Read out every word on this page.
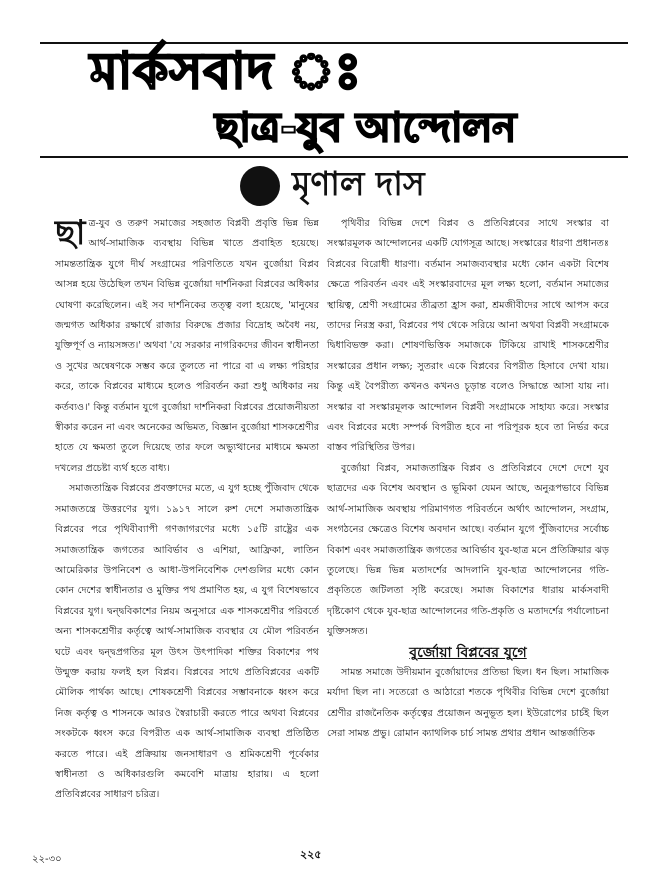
মার্কসবাদ ঃ
ছাত্র-যুব আন্দোলন
মৃণাল দাস

ছাত্র-যুব ও তরুণ সমাজের সহজাত বিপ্লবী প্রবৃত্তি ভিন্ন ভিন্ন আর্থ-সামাজিক ব্যবস্থায় বিভিন্ন খাতে প্রবাহিত হয়েছে। সামন্ততান্ত্রিক যুগে দীর্ঘ সংগ্রামের পরিণতিতে যখন বুর্জোয়া বিপ্লব আসন্ন হয়ে উঠেছিল তখন বিভিন্ন বুর্জোয়া দার্শনিকরা বিপ্লবের অধিকার ঘোষণা করেছিলেন। এই সব দার্শনিকের তত্ত্ব বলা হয়েছে, 'মানুষের জন্মগত অধিকার রক্ষার্থে রাজার বিরুদ্ধে প্রজার বিদ্রোহ অবৈধ নয়, যুক্তিপূর্ণ ও ন্যায়সঙ্গত।' অথবা 'যে সরকার নাগরিকদের জীবন স্বাধীনতা ও সুখের অন্বেষণকে সম্ভব করে তুলতে না পারে বা এ লক্ষ্য পরিহার করে, তাকে বিপ্লবের মাধ্যমে হলেও পরিবর্তন করা শুধু অধিকার নয় কর্তব্যও।' কিন্তু বর্তমান যুগে বুর্জোয়া দার্শনিকরা বিপ্লবের প্রয়োজনীয়তা স্বীকার করেন না এবং অনেকের অভিমত, বিজ্ঞান বুর্জোয়া শাসকশ্রেণীর হাতে যে ক্ষমতা তুলে দিয়েছে তার ফলে অভ্যুত্থানের মাধ্যমে ক্ষমতা দখলের প্রচেষ্টা ব্যর্থ হতে বাধ্য।

সমাজতান্ত্রিক বিপ্লবের প্রবক্তাদের মতে, এ যুগ হচ্ছে পুঁজিবাদ থেকে সমাজতন্ত্রে উত্তরণের যুগ। ১৯১৭ সালে রুশ দেশে সমাজতান্ত্রিক বিপ্লবের পরে পৃথিবীব্যাপী গণজাগরণের মধ্যে ১৫টি রাষ্ট্রের এক সমাজতান্ত্রিক জগতের আবির্ভাব ও এশিয়া, আফ্রিকা, লাতিন আমেরিকার উপনিবেশ ও আধা-উপনিবেশিক দেশগুলির মধ্যে কোন কোন দেশের স্বাধীনতার ও মুক্তির পথ প্রমাণিত হয়, এ যুগ বিশেষভাবে বিপ্লবের যুগ। দ্বন্দ্ববিকাশের নিয়ম অনুসারে এক শাসকশ্রেণীর পরিবর্তে অন্য শাসকশ্রেণীর কর্তৃত্বে আর্থ-সামাজিক ব্যবস্থার যে মৌল পরিবর্তন ঘটে এবং দ্বন্দ্বপ্রগতির মূল উৎস উৎপাদিকা শক্তির বিকাশের পথ উন্মুক্ত করায় ফলই হল বিপ্লব। বিপ্লবের সাথে প্রতিবিপ্লবের একটি মৌলিক পার্থক্য আছে। শোষকশ্রেণী বিপ্লবের সম্ভাবনাকে ধ্বংস করে নিজ কর্তৃত্ব ও শাসনকে আরও স্বৈরাচারী করতে পারে অথবা বিপ্লবের সংকটকে ধ্বংস করে বিপরীত এক আর্থ-সামাজিক ব্যবস্থা প্রতিষ্ঠিত করতে পারে। এই প্রক্রিয়ায় জনসাধারণ ও শ্রমিকশ্রেণী পূর্বেকার স্বাধীনতা ও অধিকারগুলি কমবেশি মাত্রায় হারায়। এ হলো প্রতিবিপ্লবের সাধারণ চরিত্র।

পৃথিবীর বিভিন্ন দেশে বিপ্লব ও প্রতিবিপ্লবের সাথে সংস্কার বা সংস্কারমূলক আন্দোলনের একটি যোগসূত্র আছে। সংস্কারের ধারণা প্রধানতঃ বিপ্লবের বিরোধী ধারণা। বর্তমান সমাজব্যবস্থার মধ্যে কোন একটা বিশেষ ক্ষেত্রে পরিবর্তন এবং এই সংস্কারবাদের মূল লক্ষ্য হলো, বর্তমান সমাজের স্থায়িত্ব, শ্রেণী সংগ্রামের তীব্রতা হ্রাস করা, শ্রমজীবীদের সাথে আপস করে তাদের নিরস্ত্র করা, বিপ্লবের পথ থেকে সরিয়ে আনা অথবা বিপ্লবী সংগ্রামকে দ্বিধাবিভক্ত করা। শোষণভিত্তিক সমাজকে টিকিয়ে রাখাই শাসকশ্রেণীর সংস্কারের প্রধান লক্ষ্য; সুতরাং একে বিপ্লবের বিপরীত হিসাবে দেখা যায়। কিন্তু এই বৈপরীত্য কখনও কখনও চূড়ান্ত বলেও সিদ্ধান্তে আসা যায় না। সংস্কার বা সংস্কারমূলক আন্দোলন বিপ্লবী সংগ্রামকে সাহায্য করে। সংস্কার এবং বিপ্লবের মধ্যে সম্পর্ক বিপরীত হবে না পরিপূরক হবে তা নির্ভর করে বাস্তব পরিস্থিতির উপর।

বুর্জোয়া বিপ্লব, সমাজতান্ত্রিক বিপ্লব ও প্রতিবিপ্লবে দেশে দেশে যুব ছাত্রদের এক বিশেষ অবস্থান ও ভূমিকা যেমন আছে, অনুরূপভাবে বিভিন্ন আর্থ-সামাজিক অবস্থায় পরিমাণগত পরিবর্তনে অর্থাৎ আন্দোলন, সংগ্রাম, সংগঠনের ক্ষেত্রেও বিশেষ অবদান আছে। বর্তমান যুগে পুঁজিবাদের সর্বোচ্চ বিকাশ এবং সমাজতান্ত্রিক জগতের আবির্ভাব যুব-ছাত্র মনে প্রতিক্রিয়ার ঝড় তুলেছে। ভিন্ন ভিন্ন মতাদর্শের আদলানি যুব-ছাত্র আন্দোলনের গতি-প্রকৃতিতে জটিলতা সৃষ্টি করেছে। সমাজ বিকাশের ধারায় মার্কসবাদী দৃষ্টিকোণ থেকে যুব-ছাত্র আন্দোলনের গতি-প্রকৃতি ও মতাদর্শের পর্যালোচনা যুক্তিসঙ্গত।

বুর্জোয়া বিপ্লবের যুগে

সামন্ত সমাজে উদীয়মান বুর্জোয়াদের প্রতিভা ছিল। ধন ছিল। সামাজিক মর্যাদা ছিল না। সতেরো ও আঠারো শতকে পৃথিবীর বিভিন্ন দেশে বুর্জোয়া শ্রেণীর রাজনৈতিক কর্তৃত্বের প্রয়োজন অনুভূত হল। ইউরোপের চার্চই ছিল সেরা সামন্ত প্রভু। রোমান ক্যাথলিক চার্চ সামন্ত প্রথার প্রধান আন্তর্জাতিক

২২৫
২২-৩০
